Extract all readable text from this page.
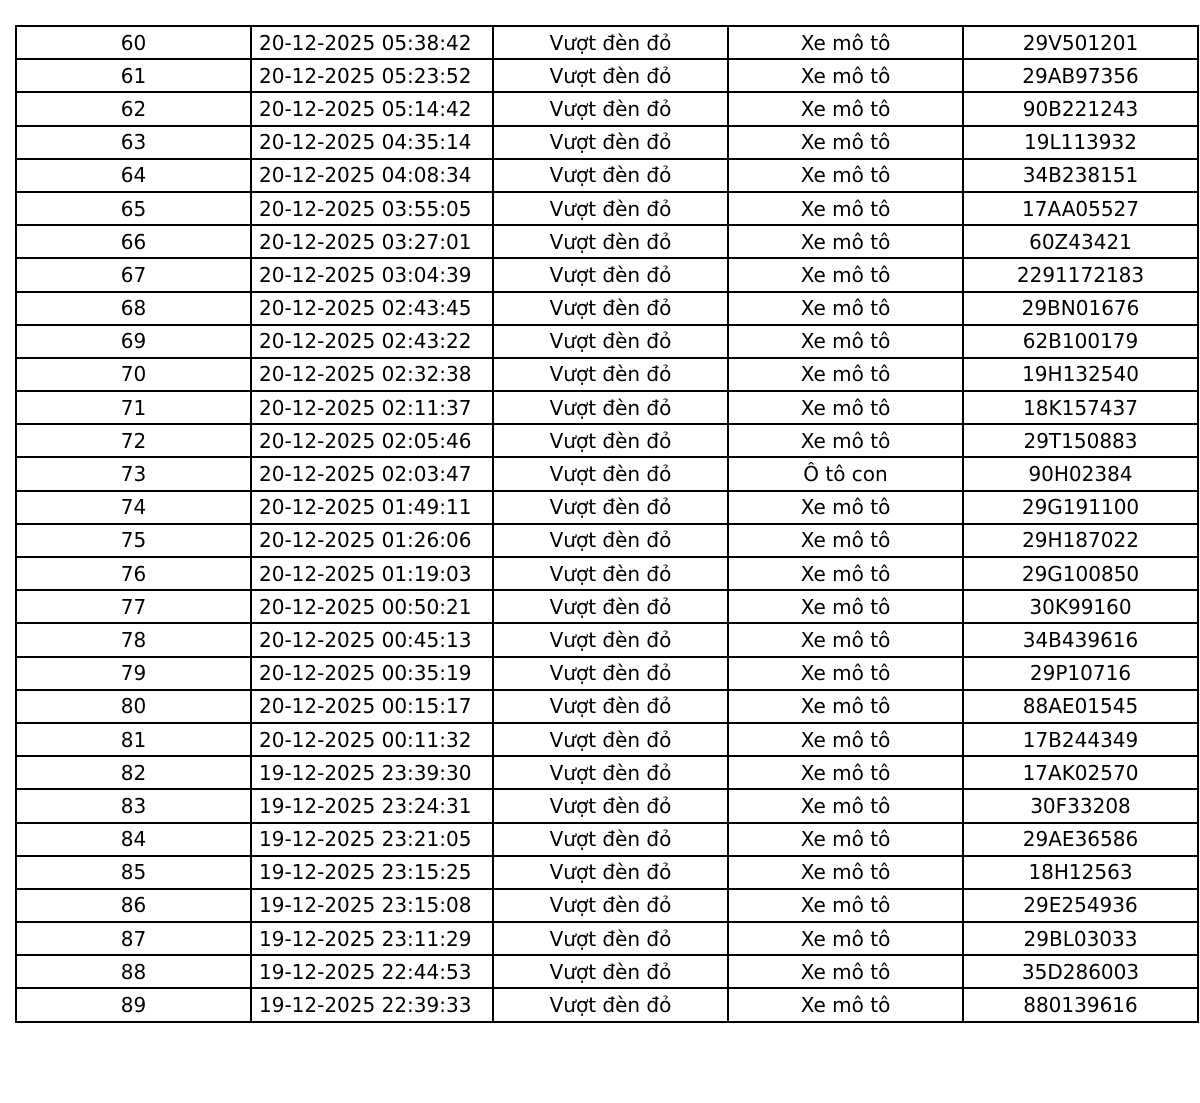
60	20-12-2025 05:38:42	Vượt đèn đỏ	Xe mô tô	29V501201
61	20-12-2025 05:23:52	Vượt đèn đỏ	Xe mô tô	29AB97356
62	20-12-2025 05:14:42	Vượt đèn đỏ	Xe mô tô	90B221243
63	20-12-2025 04:35:14	Vượt đèn đỏ	Xe mô tô	19L113932
64	20-12-2025 04:08:34	Vượt đèn đỏ	Xe mô tô	34B238151
65	20-12-2025 03:55:05	Vượt đèn đỏ	Xe mô tô	17AA05527
66	20-12-2025 03:27:01	Vượt đèn đỏ	Xe mô tô	60Z43421
67	20-12-2025 03:04:39	Vượt đèn đỏ	Xe mô tô	2291172183
68	20-12-2025 02:43:45	Vượt đèn đỏ	Xe mô tô	29BN01676
69	20-12-2025 02:43:22	Vượt đèn đỏ	Xe mô tô	62B100179
70	20-12-2025 02:32:38	Vượt đèn đỏ	Xe mô tô	19H132540
71	20-12-2025 02:11:37	Vượt đèn đỏ	Xe mô tô	18K157437
72	20-12-2025 02:05:46	Vượt đèn đỏ	Xe mô tô	29T150883
73	20-12-2025 02:03:47	Vượt đèn đỏ	Ô tô con	90H02384
74	20-12-2025 01:49:11	Vượt đèn đỏ	Xe mô tô	29G191100
75	20-12-2025 01:26:06	Vượt đèn đỏ	Xe mô tô	29H187022
76	20-12-2025 01:19:03	Vượt đèn đỏ	Xe mô tô	29G100850
77	20-12-2025 00:50:21	Vượt đèn đỏ	Xe mô tô	30K99160
78	20-12-2025 00:45:13	Vượt đèn đỏ	Xe mô tô	34B439616
79	20-12-2025 00:35:19	Vượt đèn đỏ	Xe mô tô	29P10716
80	20-12-2025 00:15:17	Vượt đèn đỏ	Xe mô tô	88AE01545
81	20-12-2025 00:11:32	Vượt đèn đỏ	Xe mô tô	17B244349
82	19-12-2025 23:39:30	Vượt đèn đỏ	Xe mô tô	17AK02570
83	19-12-2025 23:24:31	Vượt đèn đỏ	Xe mô tô	30F33208
84	19-12-2025 23:21:05	Vượt đèn đỏ	Xe mô tô	29AE36586
85	19-12-2025 23:15:25	Vượt đèn đỏ	Xe mô tô	18H12563
86	19-12-2025 23:15:08	Vượt đèn đỏ	Xe mô tô	29E254936
87	19-12-2025 23:11:29	Vượt đèn đỏ	Xe mô tô	29BL03033
88	19-12-2025 22:44:53	Vượt đèn đỏ	Xe mô tô	35D286003
89	19-12-2025 22:39:33	Vượt đèn đỏ	Xe mô tô	880139616
